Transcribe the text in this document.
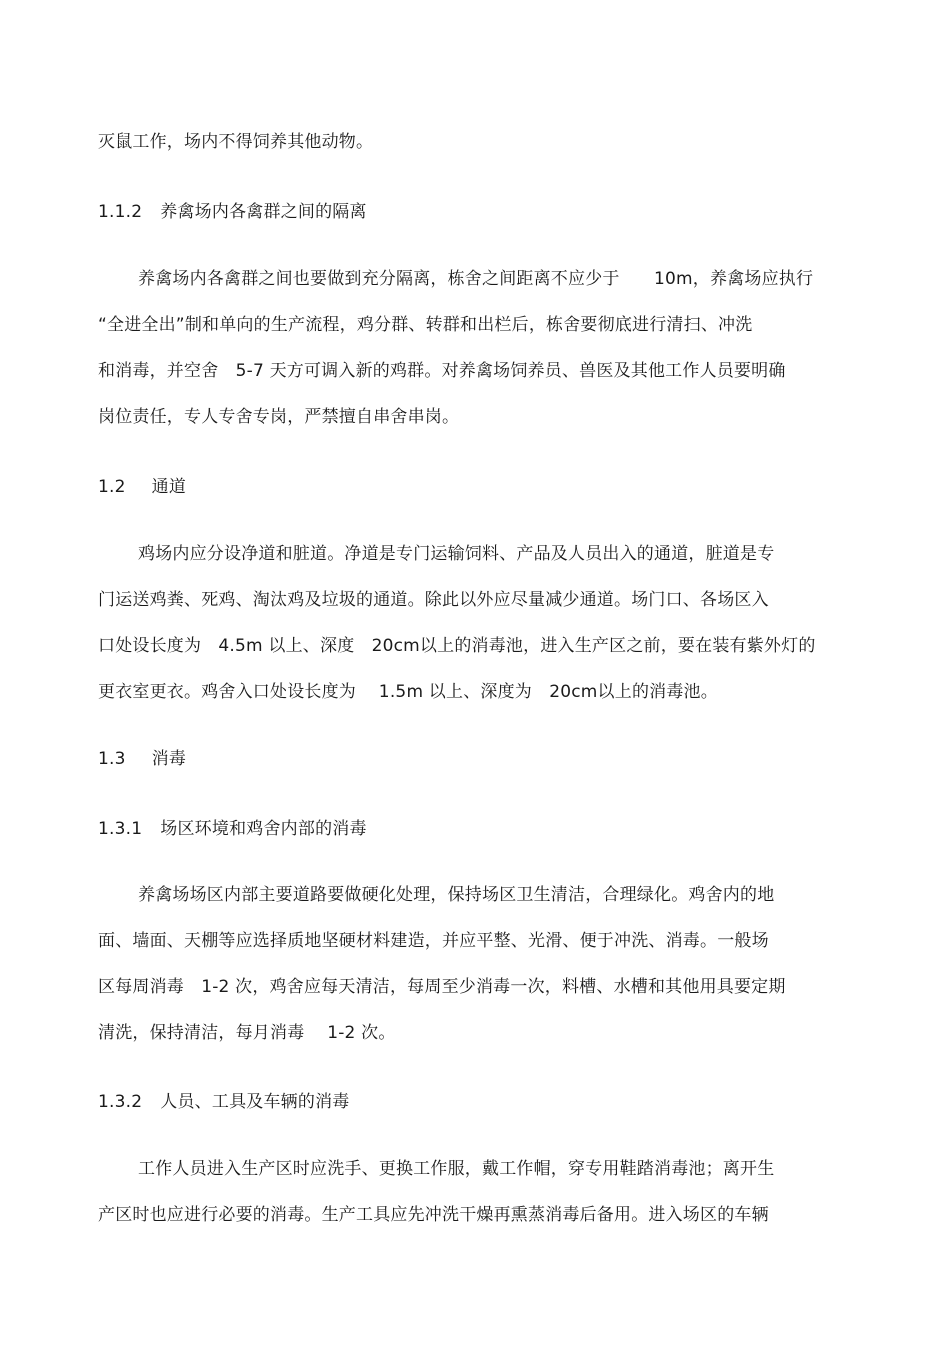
灭鼠工作，场内不得饲养其他动物。
1.1.2 养禽场内各禽群之间的隔离
养禽场内各禽群之间也要做到充分隔离，栋舍之间距离不应少于　　10m，养禽场应执行
“全进全出”制和单向的生产流程，鸡分群、转群和出栏后，栋舍要彻底进行清扫、冲洗
和消毒，并空舍　5-7 天方可调入新的鸡群。对养禽场饲养员、兽医及其他工作人员要明确
岗位责任，专人专舍专岗，严禁擅自串舍串岗。
1.2 通道
鸡场内应分设净道和脏道。净道是专门运输饲料、产品及人员出入的通道，脏道是专
门运送鸡粪、死鸡、淘汰鸡及垃圾的通道。除此以外应尽量减少通道。场门口、各场区入
口处设长度为　4.5m 以上、深度　20cm以上的消毒池，进入生产区之前，要在装有紫外灯的
更衣室更衣。鸡舍入口处设长度为　 1.5m 以上、深度为　20cm以上的消毒池。
1.3 消毒
1.3.1 场区环境和鸡舍内部的消毒
养禽场场区内部主要道路要做硬化处理，保持场区卫生清洁，合理绿化。鸡舍内的地
面、墙面、天棚等应选择质地坚硬材料建造，并应平整、光滑、便于冲洗、消毒。一般场
区每周消毒　1-2 次，鸡舍应每天清洁，每周至少消毒一次，料槽、水槽和其他用具要定期
清洗，保持清洁，每月消毒　 1-2 次。
1.3.2 人员、工具及车辆的消毒
工作人员进入生产区时应洗手、更换工作服，戴工作帽，穿专用鞋踏消毒池；离开生
产区时也应进行必要的消毒。生产工具应先冲洗干燥再熏蒸消毒后备用。进入场区的车辆
